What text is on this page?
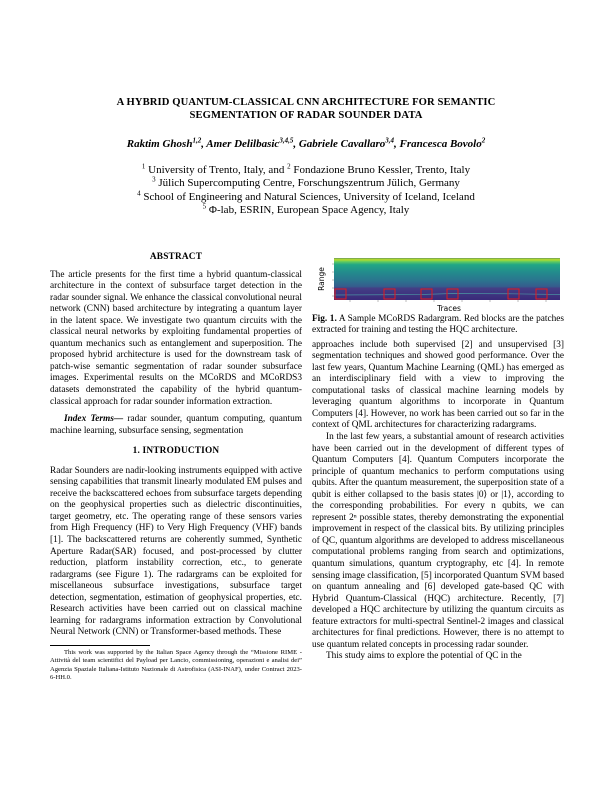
A HYBRID QUANTUM-CLASSICAL CNN ARCHITECTURE FOR SEMANTIC
SEGMENTATION OF RADAR SOUNDER DATA
Raktim Ghosh$^{1,2}$, Amer Delilbasic$^{3,4,5}$, Gabriele Cavallaro$^{3,4}$, Francesca Bovolo$^2$
$^1$ University of Trento, Italy, and $^2$ Fondazione Bruno Kessler, Trento, Italy
$^3$ Jülich Supercomputing Centre, Forschungszentrum Jülich, Germany
$^4$ School of Engineering and Natural Sciences, University of Iceland, Iceland
$^5$ Φ-lab, ESRIN, European Space Agency, Italy
ABSTRACT

The article presents for the first time a hybrid quantum-classical architecture in the context of subsurface target detection in the radar sounder signal. We enhance the classical convolutional neural network (CNN) based architecture by integrating a quantum layer in the latent space. We investigate two quantum circuits with the classical neural networks by exploiting fundamental properties of quantum mechanics such as entanglement and superposition. The proposed hybrid architecture is used for the downstream task of patch-wise semantic segmentation of radar sounder subsurface images. Experimental results on the MCoRDS and MCoRDS3 datasets demonstrated the capability of the hybrid quantum-classical approach for radar sounder information extraction.

Index Terms— radar sounder, quantum computing, quantum machine learning, subsurface sensing, segmentation

1. INTRODUCTION

Radar Sounders are nadir-looking instruments equipped with active sensing capabilities that transmit linearly modulated EM pulses and receive the backscattered echoes from subsurface targets depending on the geophysical properties such as dielectric discontinuities, target geometry, etc. The operating range of these sensors varies from High Frequency (HF) to Very High Frequency (VHF) bands [1]. The backscattered returns are coherently summed, Synthetic Aperture Radar(SAR) focused, and post-processed by clutter reduction, platform instability correction, etc., to generate radargrams (see Figure 1). The radargrams can be exploited for miscellaneous subsurface investigations, subsurface target detection, segmentation, estimation of geophysical properties, etc. Research activities have been carried out on classical machine learning for radargrams information extraction by Convolutional Neural Network (CNN) or Transformer-based methods. These

This work was supported by the Italian Space Agency through the “Missione RIME - Attività del team scientifici del Payload per Lancio, commissioning, operazioni e analisi dei” Agenzia Spaziale Italiana-Istituto Nazionale di Astrofisica (ASI-INAF), under Contract 2023-6-HH.0.

Range
Traces

Fig. 1. A Sample MCoRDS Radargram. Red blocks are the patches extracted for training and testing the HQC architecture.

approaches include both supervised [2] and unsupervised [3] segmentation techniques and showed good performance. Over the last few years, Quantum Machine Learning (QML) has emerged as an interdisciplinary field with a view to improving the computational tasks of classical machine learning models by leveraging quantum algorithms to incorporate in Quantum Computers [4]. However, no work has been carried out so far in the context of QML architectures for characterizing radargrams.

In the last few years, a substantial amount of research activities have been carried out in the development of different types of Quantum Computers [4]. Quantum Computers incorporate the principle of quantum mechanics to perform computations using qubits. After the quantum measurement, the superposition state of a qubit is either collapsed to the basis states |0⟩ or |1⟩, according to the corresponding probabilities. For every n qubits, we can represent 2ⁿ possible states, thereby demonstrating the exponential improvement in respect of the classical bits. By utilizing principles of QC, quantum algorithms are developed to address miscellaneous computational problems ranging from search and optimizations, quantum simulations, quantum cryptography, etc [4]. In remote sensing image classification, [5] incorporated Quantum SVM based on quantum annealing and [6] developed gate-based QC with Hybrid Quantum-Classical (HQC) architecture. Recently, [7] developed a HQC architecture by utilizing the quantum circuits as feature extractors for multi-spectral Sentinel-2 images and classical architectures for final predictions. However, there is no attempt to use quantum related concepts in processing radar sounder.

This study aims to explore the potential of QC in the
